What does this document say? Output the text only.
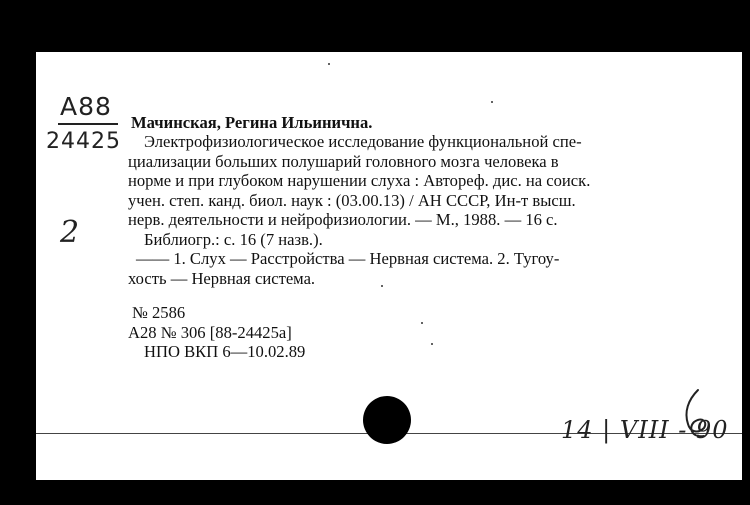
A88
24425
2
Мачинская, Регина Ильинична.
Электрофизиологическое исследование функциональной спе-
циализации больших полушарий головного мозга человека в
норме и при глубоком нарушении слуха : Автореф. дис. на соиск.
учен. степ. канд. биол. наук : (03.00.13) / АН СССР, Ин-т высш.
нерв. деятельности и нейрофизиологии. — М., 1988. — 16 с.
Библиогр.: с. 16 (7 назв.).
—— 1. Слух — Расстройства — Нервная система. 2. Тугоу-
хость — Нервная система.
№ 2586
А28 № 306 [88-24425а]
НПО ВКП 6—10.02.89
14 | VIII - 90
